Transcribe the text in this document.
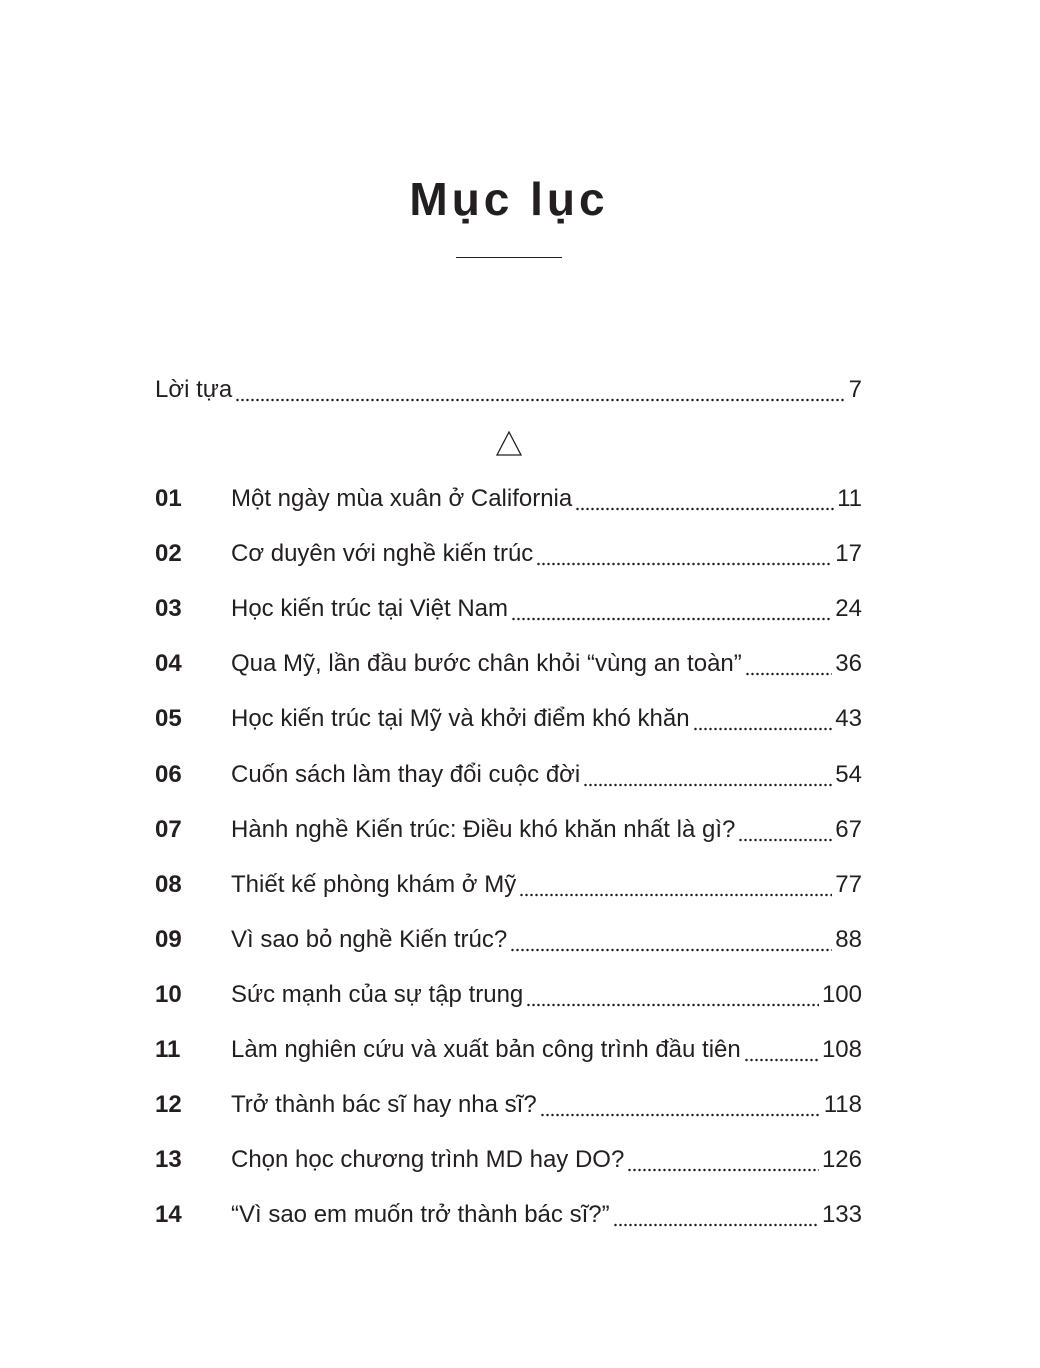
Mục lục
Lời tựa	7
01	Một ngày mùa xuân ở California	11
02	Cơ duyên với nghề kiến trúc	17
03	Học kiến trúc tại Việt Nam	24
04	Qua Mỹ, lần đầu bước chân khỏi “vùng an toàn”	36
05	Học kiến trúc tại Mỹ và khởi điểm khó khăn	43
06	Cuốn sách làm thay đổi cuộc đời	54
07	Hành nghề Kiến trúc: Điều khó khăn nhất là gì?	67
08	Thiết kế phòng khám ở Mỹ	77
09	Vì sao bỏ nghề Kiến trúc?	88
10	Sức mạnh của sự tập trung	100
11	Làm nghiên cứu và xuất bản công trình đầu tiên	108
12	Trở thành bác sĩ hay nha sĩ?	118
13	Chọn học chương trình MD hay DO?	126
14	“Vì sao em muốn trở thành bác sĩ?”	133
